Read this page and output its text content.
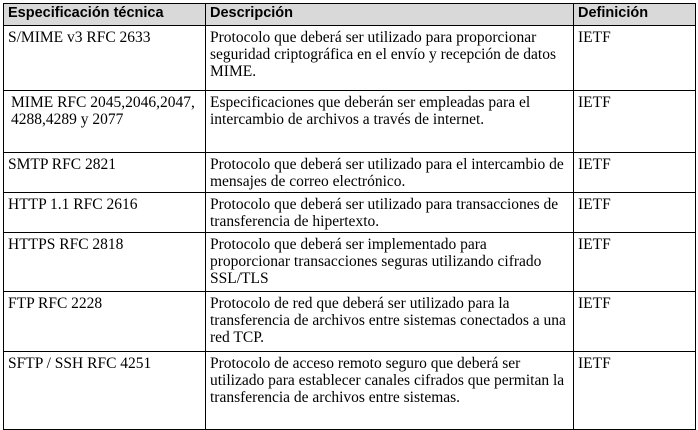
Especificación técnica	Descripción	Definición
S/MIME v3 RFC 2633	Protocolo que deberá ser utilizado para proporcionar seguridad criptográfica en el envío y recepción de datos MIME.	IETF
MIME RFC 2045,2046,2047, 4288,4289 y 2077	Especificaciones que deberán ser empleadas para el intercambio de archivos a través de internet.	IETF
SMTP RFC 2821	Protocolo que deberá ser utilizado para el intercambio de mensajes de correo electrónico.	IETF
HTTP 1.1 RFC 2616	Protocolo que deberá ser utilizado para transacciones de transferencia de hipertexto.	IETF
HTTPS RFC 2818	Protocolo que deberá ser implementado para proporcionar transacciones seguras utilizando cifrado SSL/TLS	IETF
FTP RFC 2228	Protocolo de red que deberá ser utilizado para la transferencia de archivos entre sistemas conectados a una red TCP.	IETF
SFTP / SSH RFC 4251	Protocolo de acceso remoto seguro que deberá ser utilizado para establecer canales cifrados que permitan la transferencia de archivos entre sistemas.	IETF
